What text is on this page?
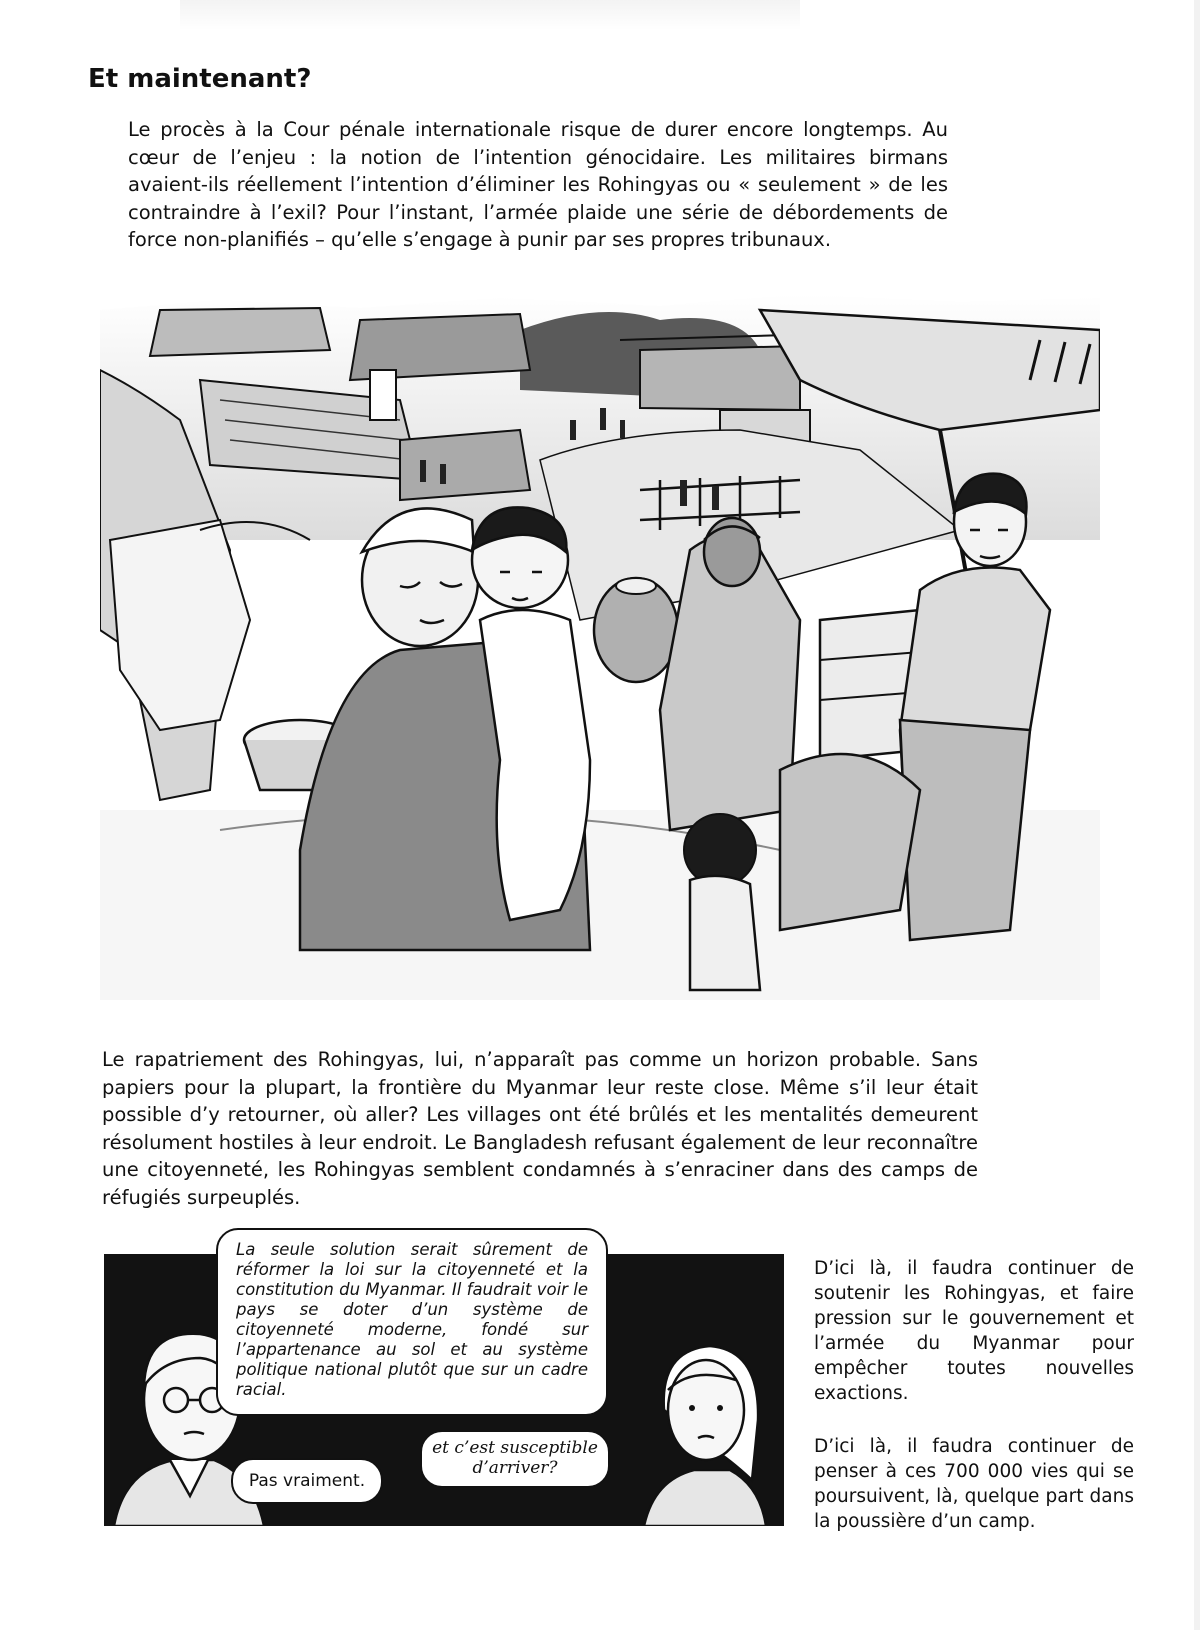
Et maintenant?

Le procès à la Cour pénale internationale risque de durer encore longtemps. Au cœur de l’enjeu : la notion de l’intention génocidaire. Les militaires birmans avaient-ils réellement l’intention d’éliminer les Rohingyas ou « seulement » de les contraindre à l’exil? Pour l’instant, l’armée plaide une série de débordements de force non-planifiés – qu’elle s’engage à punir par ses propres tribunaux.

Le rapatriement des Rohingyas, lui, n’apparaît pas comme un horizon probable. Sans papiers pour la plupart, la frontière du Myanmar leur reste close. Même s’il leur était possible d’y retourner, où aller? Les villages ont été brûlés et les mentalités demeurent résolument hostiles à leur endroit. Le Bangladesh refusant également de leur reconnaître une citoyenneté, les Rohingyas semblent condamnés à s’enraciner dans des camps de réfugiés surpeuplés.

La seule solution serait sûrement de réformer la loi sur la citoyenneté et la constitution du Myanmar. Il faudrait voir le pays se doter d’un système de citoyenneté moderne, fondé sur l’appartenance au sol et au système politique national plutôt que sur un cadre racial.
Pas vraiment.
et c’est susceptible d’arriver?

D’ici là, il faudra continuer de soutenir les Rohingyas, et faire pression sur le gouvernement et l’armée du Myanmar pour empêcher toutes nouvelles exactions.

D’ici là, il faudra continuer de penser à ces 700 000 vies qui se poursuivent, là, quelque part dans la poussière d’un camp.
